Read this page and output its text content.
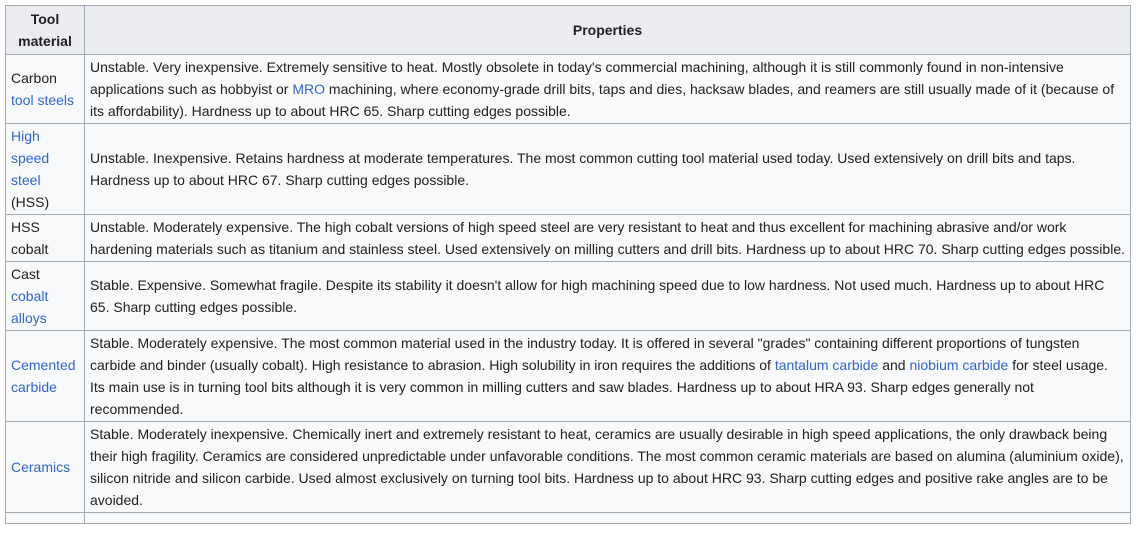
Tool material	Properties
Carbon tool steels	Unstable. Very inexpensive. Extremely sensitive to heat. Mostly obsolete in today's commercial machining, although it is still commonly found in non-intensive applications such as hobbyist or MRO machining, where economy-grade drill bits, taps and dies, hacksaw blades, and reamers are still usually made of it (because of its affordability). Hardness up to about HRC 65. Sharp cutting edges possible.
High speed steel (HSS)	Unstable. Inexpensive. Retains hardness at moderate temperatures. The most common cutting tool material used today. Used extensively on drill bits and taps. Hardness up to about HRC 67. Sharp cutting edges possible.
HSS cobalt	Unstable. Moderately expensive. The high cobalt versions of high speed steel are very resistant to heat and thus excellent for machining abrasive and/or work hardening materials such as titanium and stainless steel. Used extensively on milling cutters and drill bits. Hardness up to about HRC 70. Sharp cutting edges possible.
Cast cobalt alloys	Stable. Expensive. Somewhat fragile. Despite its stability it doesn't allow for high machining speed due to low hardness. Not used much. Hardness up to about HRC 65. Sharp cutting edges possible.
Cemented carbide	Stable. Moderately expensive. The most common material used in the industry today. It is offered in several "grades" containing different proportions of tungsten carbide and binder (usually cobalt). High resistance to abrasion. High solubility in iron requires the additions of tantalum carbide and niobium carbide for steel usage. Its main use is in turning tool bits although it is very common in milling cutters and saw blades. Hardness up to about HRA 93. Sharp edges generally not recommended.
Ceramics	Stable. Moderately inexpensive. Chemically inert and extremely resistant to heat, ceramics are usually desirable in high speed applications, the only drawback being their high fragility. Ceramics are considered unpredictable under unfavorable conditions. The most common ceramic materials are based on alumina (aluminium oxide), silicon nitride and silicon carbide. Used almost exclusively on turning tool bits. Hardness up to about HRC 93. Sharp cutting edges and positive rake angles are to be avoided.
